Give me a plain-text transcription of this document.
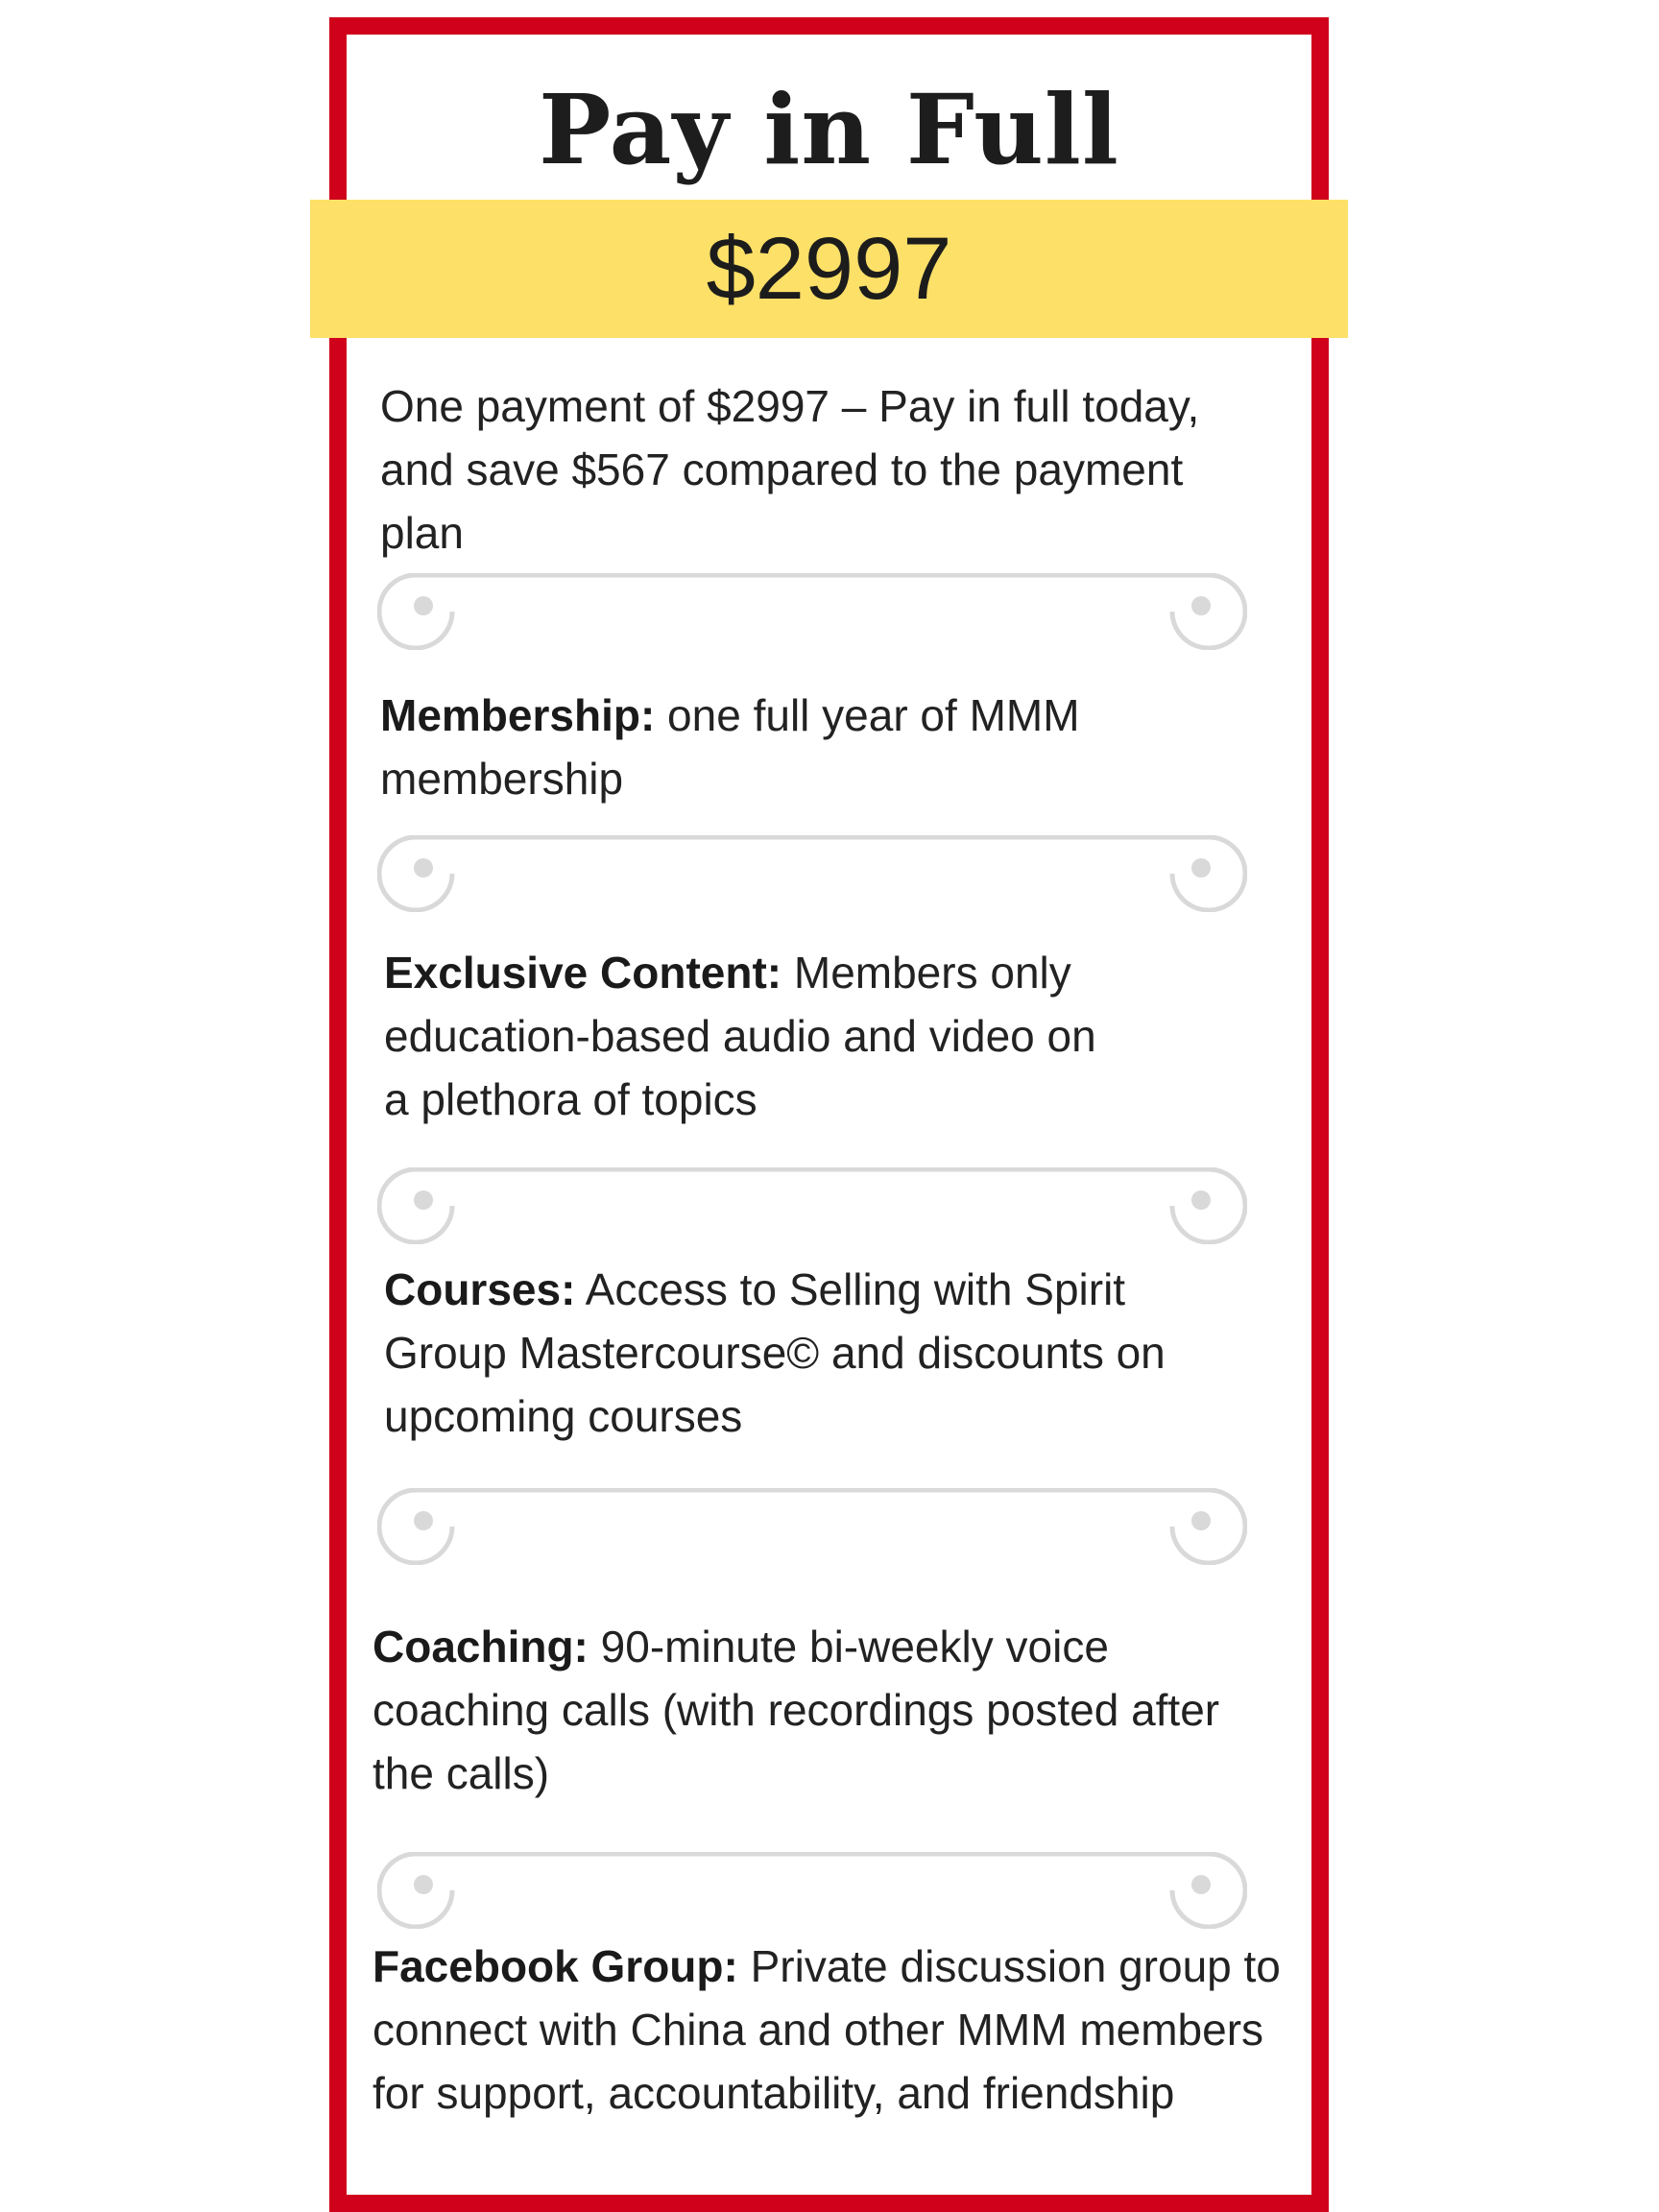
Pay in Full
$2997
One payment of $2997 – Pay in full today, and save $567 compared to the payment plan
Membership: one full year of MMM membership
Exclusive Content: Members only education-based audio and video on a plethora of topics
Courses: Access to Selling with Spirit Group Mastercourse© and discounts on upcoming courses
Coaching: 90-minute bi-weekly voice coaching calls (with recordings posted after the calls)
Facebook Group: Private discussion group to connect with China and other MMM members for support, accountability, and friendship
